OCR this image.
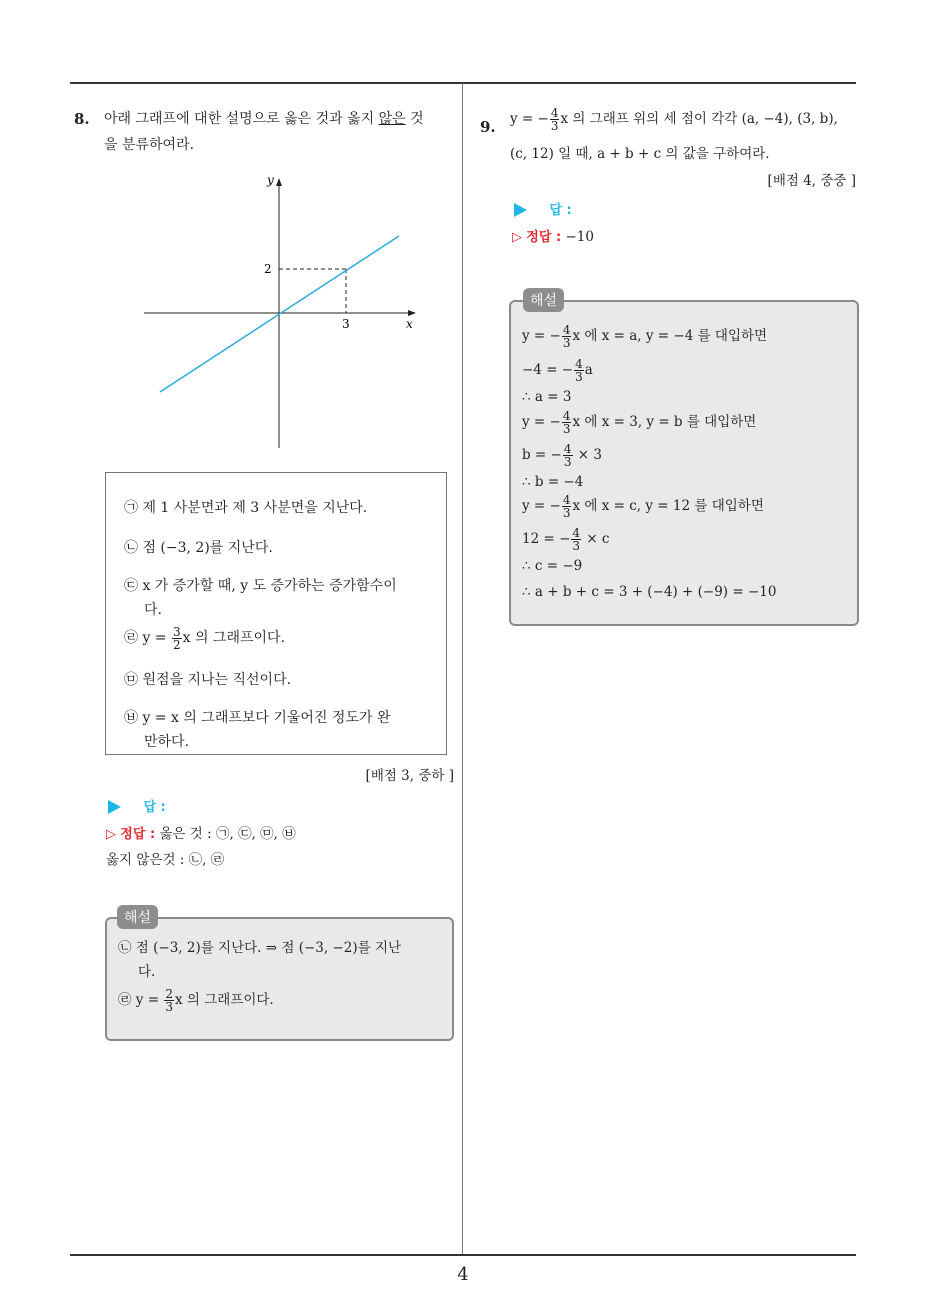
4
8. 아래 그래프에 대한 설명으로 옳은 것과 옳지 않은 것
을 분류하여라.
y
x
3
2
㉠ 제 1 사분면과 제 3 사분면을 지난다.
㉡ 점 (−3, 2)를 지난다.
㉢ x 가 증가할 때, y 도 증가하는 증가함수이
다.
㉣ $y = \frac{3}{2}$ x 의 그래프이다.
㉤ 원점을 지나는 직선이다.
㉥ y = x 의 그래프보다 기울어진 정도가 완
만하다.
[배점 3, 중하 ]
답 :
▷ 정답 : 옳은 것 : ㉠, ㉢, ㉤, ㉥
옳지 않은것 : ㉡, ㉣
해설
㉡ 점 (−3, 2)를 지난다. ⇒ 점 (−3, −2)를 지난
다.
㉣ $y = \frac{2}{3}$ x 의 그래프이다.
9. y = − $\frac{4}{3}$ x 의 그래프 위의 세 점이 각각 (a, −4), (3, b),
(c, 12) 일 때, a + b + c 의 값을 구하여라.
[배점 4, 중중 ]
답 :
▷ 정답 : −10
해설
y = − $\frac{4}{3}$ x 에 x = a, y = −4 를 대입하면
−4 = − $\frac{4}{3}$ a
∴ a = 3
y = − $\frac{4}{3}$ x 에 x = 3, y = b 를 대입하면
b = − $\frac{4}{3} \times 3$
∴ b = −4
y = − $\frac{4}{3}$ x 에 x = c, y = 12 를 대입하면
12 = − $\frac{4}{3} \times c$
∴ c = −9
∴ a + b + c = 3 + (−4) + (−9) = −10
